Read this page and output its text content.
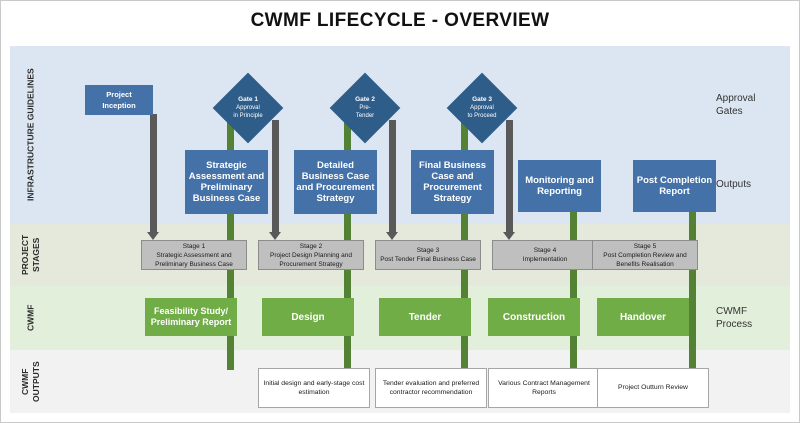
CWMF LIFECYCLE - OVERVIEW
INFRASTRUCTURE GUIDELINES
PROJECT STAGES
CWMF
CWMF OUTPUTS
Approval
Gates
Outputs
CWMF
Process
Project
Inception
Gate 1
Approval
in Principle
Gate 2
Pre-
Tender
Gate 3
Approval
to Proceed
Strategic Assessment and Preliminary Business Case
Detailed Business Case and Procurement Strategy
Final Business Case and Procurement Strategy
Monitoring and Reporting
Post Completion Report
Stage 1
Strategic Assessment and Preliminary Business Case
Stage 2
Project Design Planning and Procurement Strategy
Stage 3
Post Tender Final Business Case
Stage 4
Implementation
Stage 5
Post Completion Review and Benefits Realisation
Feasibility Study/ Preliminary Report	Design	Tender	Construction	Handover
Initial design and early-stage cost estimation
Tender evaluation and preferred contractor recommendation
Various Contract Management Reports
Project Outturn Review
